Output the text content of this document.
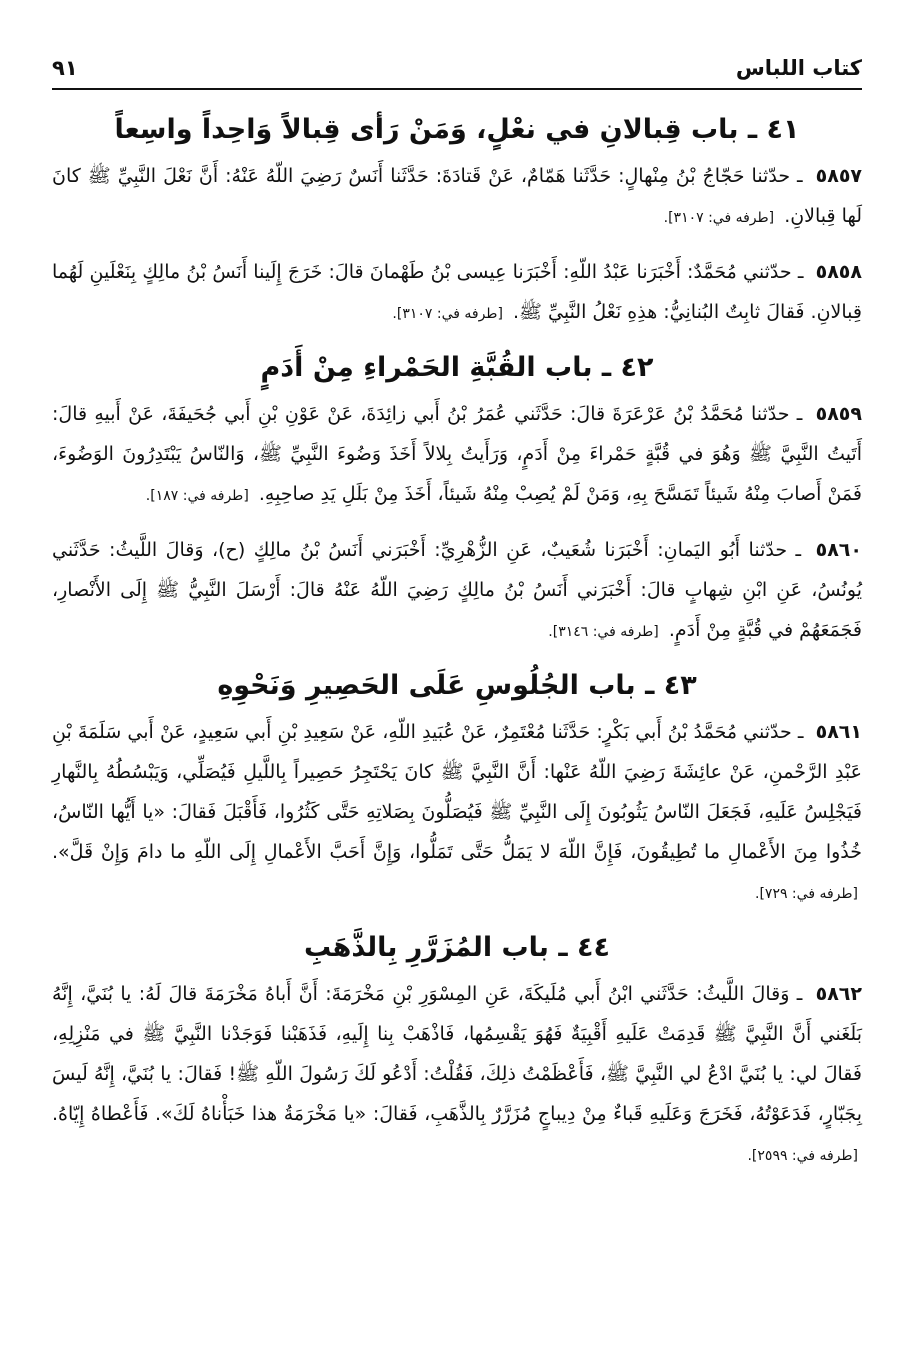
كتاب اللباس
٩١
٤١ ـ باب قِبالانِ في نعْلٍ، وَمَنْ رَأى قِبالاً وَاحِداً واسِعاً

٥٨٥٧ ـ حدّثنا حَجّاجُ بْنُ مِنْهالٍ: حَدَّثَنا هَمّامٌ، عَنْ قَتادَةَ: حَدَّثَنا أَنَسٌ رَضِيَ اللّهُ عَنْهُ: أَنَّ نَعْلَ النَّبِيِّ ﷺ كانَ لَها قِبالانِ. [طرفه في: ٣١٠٧].

٥٨٥٨ ـ حدّثني مُحَمَّدٌ: أَخْبَرَنا عَبْدُ اللّهِ: أَخْبَرَنا عِيسى بْنُ طَهْمانَ قالَ: خَرَجَ إِلَينا أَنَسُ بْنُ مالِكٍ بِنَعْلَينِ لَهُما قِبالانِ. فَقالَ ثابِتٌ البُنانِيُّ: هذِهِ نَعْلُ النَّبِيِّ ﷺ. [طرفه في: ٣١٠٧].

٤٢ ـ باب القُبَّةِ الحَمْراءِ مِنْ أَدَمٍ

٥٨٥٩ ـ حدّثنا مُحَمَّدُ بْنُ عَرْعَرَةَ قالَ: حَدَّثَني عُمَرُ بْنُ أَبي زائِدَةَ، عَنْ عَوْنِ بْنِ أَبي جُحَيفَةَ، عَنْ أَبيهِ قالَ: أَتَيتُ النَّبِيَّ ﷺ وَهُوَ في قُبَّةٍ حَمْراءَ مِنْ أَدَمٍ، وَرَأَيتُ بِلالاً أَخَذَ وَضُوءَ النَّبِيِّ ﷺ، وَالنّاسُ يَبْتَدِرُونَ الوَضُوءَ، فَمَنْ أَصابَ مِنْهُ شَيئاً تَمَسَّحَ بِهِ، وَمَنْ لَمْ يُصِبْ مِنْهُ شَيئاً، أَخَذَ مِنْ بَلَلِ يَدِ صاحِبِهِ. [طرفه في: ١٨٧].

٥٨٦٠ ـ حدّثنا أَبُو اليَمانِ: أَخْبَرَنا شُعَيبٌ، عَنِ الزُّهْرِيِّ: أَخْبَرَني أَنَسُ بْنُ مالِكٍ (ح)، وَقالَ اللَّيثُ: حَدَّثَني يُونُسُ، عَنِ ابْنِ شِهابٍ قالَ: أَخْبَرَني أَنَسُ بْنُ مالِكٍ رَضِيَ اللّهُ عَنْهُ قالَ: أَرْسَلَ النَّبِيُّ ﷺ إِلَى الأَنْصارِ، فَجَمَعَهُمْ في قُبَّةٍ مِنْ أَدَمٍ. [طرفه في: ٣١٤٦].

٤٣ ـ باب الجُلُوسِ عَلَى الحَصِيرِ وَنَحْوِهِ

٥٨٦١ ـ حدّثني مُحَمَّدُ بْنُ أَبي بَكْرٍ: حَدَّثَنا مُعْتَمِرٌ، عَنْ عُبَيدِ اللّهِ، عَنْ سَعِيدِ بْنِ أَبي سَعِيدٍ، عَنْ أَبي سَلَمَةَ بْنِ عَبْدِ الرَّحْمنِ، عَنْ عائِشَةَ رَضِيَ اللّهُ عَنْها: أَنَّ النَّبِيَّ ﷺ كانَ يَحْتَجِرُ حَصِيراً بِاللَّيلِ فَيُصَلِّي، وَيَبْسُطُهُ بِالنَّهارِ فَيَجْلِسُ عَلَيهِ، فَجَعَلَ النّاسُ يَثُوبُونَ إِلَى النَّبِيِّ ﷺ فَيُصَلُّونَ بِصَلاتِهِ حَتَّى كَثُرُوا، فَأَقْبَلَ فَقالَ: «يا أَيُّها النّاسُ، خُذُوا مِنَ الأَعْمالِ ما تُطِيقُونَ، فَإِنَّ اللّهَ لا يَمَلُّ حَتَّى تَمَلُّوا، وَإِنَّ أَحَبَّ الأَعْمالِ إِلَى اللّهِ ما دامَ وَإِنْ قَلَّ». [طرفه في: ٧٢٩].

٤٤ ـ باب المُزَرَّرِ بِالذَّهَبِ

٥٨٦٢ ـ وَقالَ اللَّيثُ: حَدَّثَني ابْنُ أَبي مُلَيكَةَ، عَنِ المِسْوَرِ بْنِ مَخْرَمَةَ: أَنَّ أَباهُ مَخْرَمَةَ قالَ لَهُ: يا بُنَيَّ، إِنَّهُ بَلَغَني أَنَّ النَّبِيَّ ﷺ قَدِمَتْ عَلَيهِ أَقْبِيَةٌ فَهُوَ يَقْسِمُها، فَاذْهَبْ بِنا إِلَيهِ، فَذَهَبْنا فَوَجَدْنا النَّبِيَّ ﷺ في مَنْزِلِهِ، فَقالَ لي: يا بُنَيَّ ادْعُ لي النَّبِيَّ ﷺ، فَأَعْظَمْتُ ذلِكَ، فَقُلْتُ: أَدْعُو لَكَ رَسُولَ اللّهِ ﷺ! فَقالَ: يا بُنَيَّ، إِنَّهُ لَيسَ بِجَبّارٍ، فَدَعَوْتُهُ، فَخَرَجَ وَعَلَيهِ قَباءٌ مِنْ دِيباجٍ مُزَرَّرٌ بِالذَّهَبِ، فَقالَ: «يا مَخْرَمَةُ هذا خَبَأْناهُ لَكَ». فَأَعْطاهُ إِيّاهُ. [طرفه في: ٢٥٩٩].
